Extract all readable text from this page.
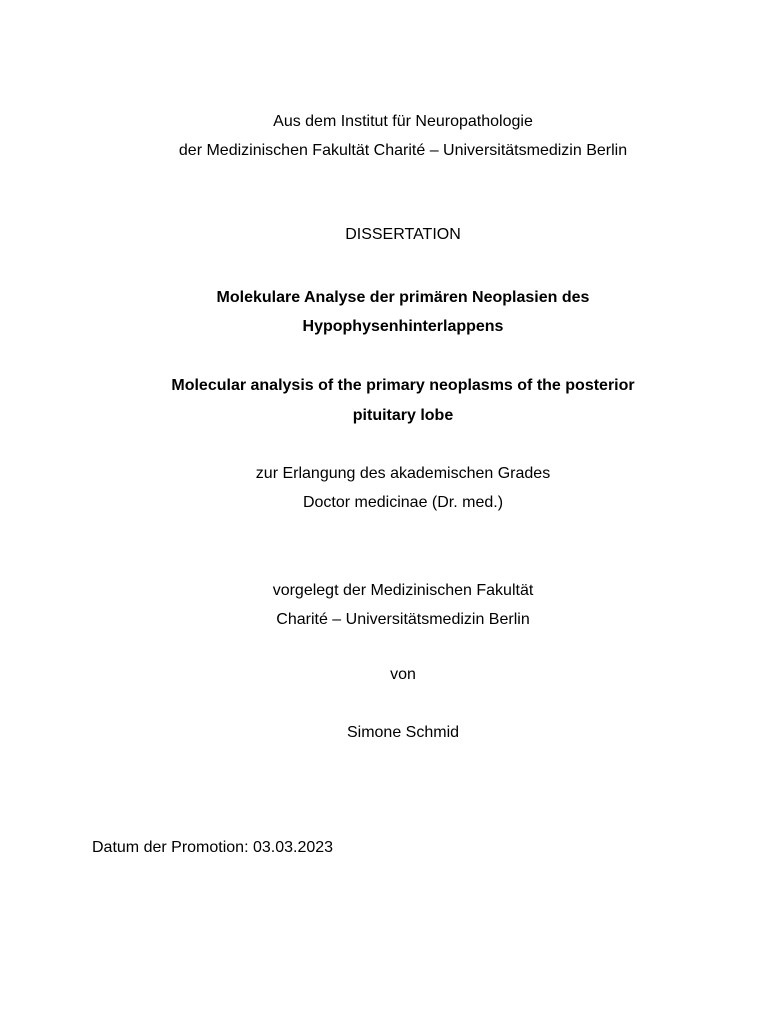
Aus dem Institut für Neuropathologie
der Medizinischen Fakultät Charité – Universitätsmedizin Berlin
DISSERTATION
Molekulare Analyse der primären Neoplasien des
Hypophysenhinterlappens
Molecular analysis of the primary neoplasms of the posterior
pituitary lobe
zur Erlangung des akademischen Grades
Doctor medicinae (Dr. med.)
vorgelegt der Medizinischen Fakultät
Charité – Universitätsmedizin Berlin
von
Simone Schmid
Datum der Promotion: 03.03.2023
